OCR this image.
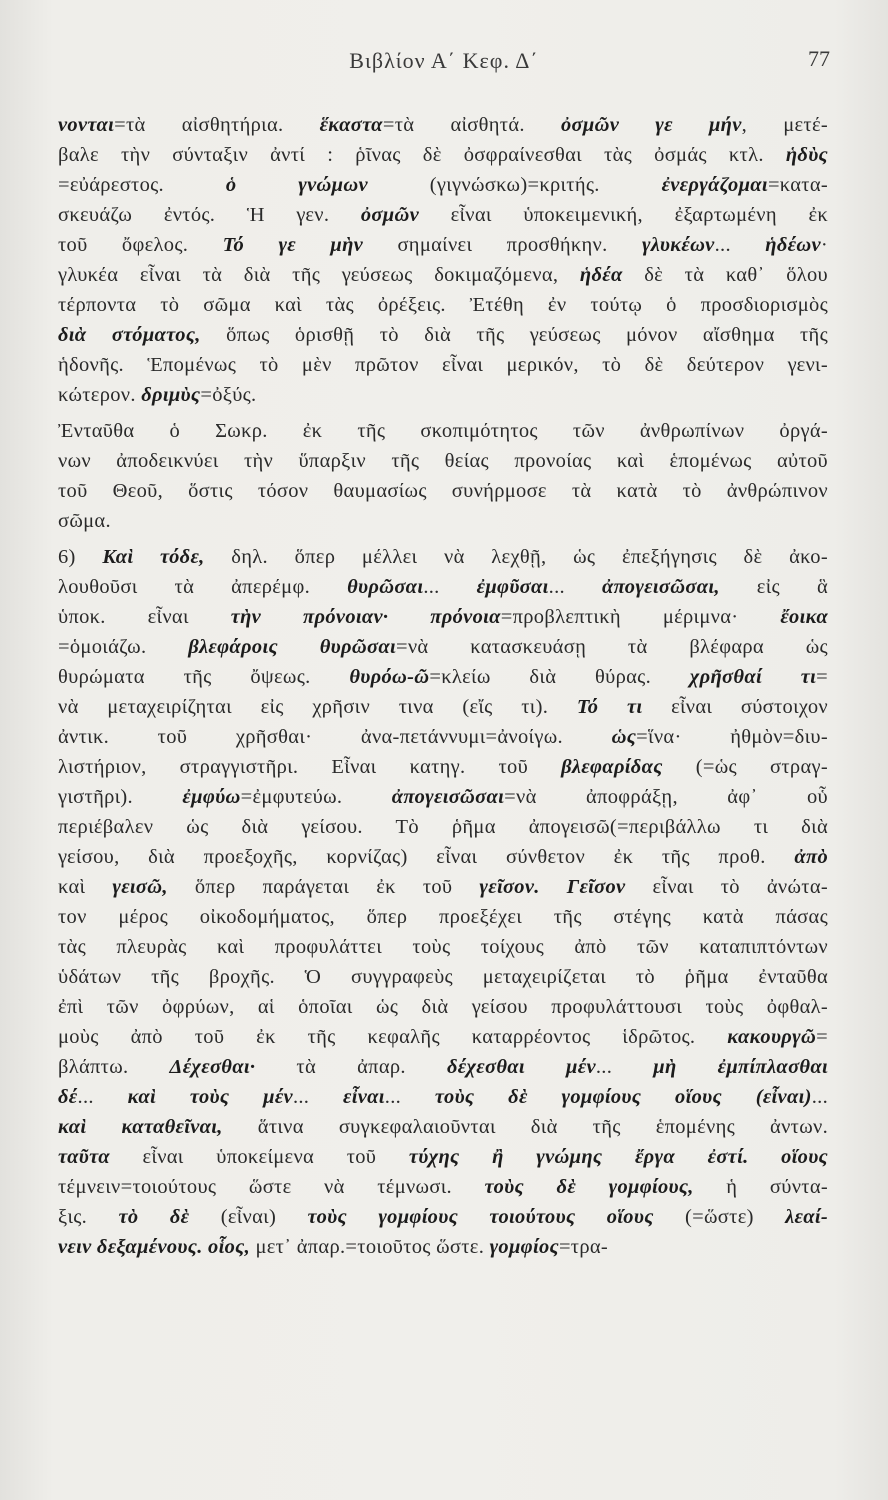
Βιβλίον Α΄ Κεφ. Δ΄	77
νονται=τὰ αἰσθητήρια. ἕκαστα=τὰ αἰσθητά. ὀσμῶν γε μήν, μετέ-
βαλε τὴν σύνταξιν ἀντί : ῥῖνας δὲ ὀσφραίνεσθαι τὰς ὀσμάς κτλ. ἡδὺς
=εὐάρεστος. ὁ γνώμων (γιγνώσκω)=κριτής. ἐνεργάζομαι=κατα-
σκευάζω ἐντός. Ἡ γεν. ὀσμῶν εἶναι ὑποκειμενική, ἐξαρτωμένη ἐκ
τοῦ ὄφελος. Τό γε μὴν σημαίνει προσθήκην. γλυκέων... ἡδέων·
γλυκέα εἶναι τὰ διὰ τῆς γεύσεως δοκιμαζόμενα, ἡδέα δὲ τὰ καθ᾽ ὅλου
τέρποντα τὸ σῶμα καὶ τὰς ὀρέξεις. Ἐτέθη ἐν τούτῳ ὁ προσδιορισμὸς
διὰ στόματος, ὅπως ὁρισθῇ τὸ διὰ τῆς γεύσεως μόνον αἴσθημα τῆς
ἡδονῆς. Ἑπομένως τὸ μὲν πρῶτον εἶναι μερικόν, τὸ δὲ δεύτερον γενι-
κώτερον. δριμὺς=ὀξύς.
Ἐνταῦθα ὁ Σωκρ. ἐκ τῆς σκοπιμότητος τῶν ἀνθρωπίνων ὀργά-
νων ἀποδεικνύει τὴν ὕπαρξιν τῆς θείας προνοίας καὶ ἑπομένως αὐτοῦ
τοῦ Θεοῦ, ὅστις τόσον θαυμασίως συνήρμοσε τὰ κατὰ τὸ ἀνθρώπινον
σῶμα.
6) Καὶ τόδε, δηλ. ὅπερ μέλλει νὰ λεχθῇ, ὡς ἐπεξήγησις δὲ ἀκο-
λουθοῦσι τὰ ἀπερέμφ. θυρῶσαι... ἐμφῦσαι... ἀπογεισῶσαι, εἰς ἃ
ὑποκ. εἶναι τὴν πρόνοιαν· πρόνοια=προβλεπτικὴ μέριμνα· ἔοικα
=ὁμοιάζω. βλεφάροις θυρῶσαι=νὰ κατασκευάσῃ τὰ βλέφαρα ὡς
θυρώματα τῆς ὄψεως. θυρόω-ῶ=κλείω διὰ θύρας. χρῆσθαί τι=
νὰ μεταχειρίζηται εἰς χρῆσιν τινα (εἴς τι). Τό τι εἶναι σύστοιχον
ἀντικ. τοῦ χρῆσθαι· ἀνα-πετάννυμι=ἀνοίγω. ὡς=ἵνα· ἠθμὸν=διυ-
λιστήριον, στραγγιστῆρι. Εἶναι κατηγ. τοῦ βλεφαρίδας (=ὡς στραγ-
γιστῆρι). ἐμφύω=ἐμφυτεύω. ἀπογεισῶσαι=νὰ ἀποφράξῃ, ἀφ᾽ οὗ
περιέβαλεν ὡς διὰ γείσου. Τὸ ῥῆμα ἀπογεισῶ(=περιβάλλω τι διὰ
γείσου, διὰ προεξοχῆς, κορνίζας) εἶναι σύνθετον ἐκ τῆς προθ. ἀπὸ
καὶ γεισῶ, ὅπερ παράγεται ἐκ τοῦ γεῖσον. Γεῖσον εἶναι τὸ ἀνώτα-
τον μέρος οἰκοδομήματος, ὅπερ προεξέχει τῆς στέγης κατὰ πάσας
τὰς πλευρὰς καὶ προφυλάττει τοὺς τοίχους ἀπὸ τῶν καταπιπτόντων
ὑδάτων τῆς βροχῆς. Ὁ συγγραφεὺς μεταχειρίζεται τὸ ῥῆμα ἐνταῦθα
ἐπὶ τῶν ὀφρύων, αἱ ὁποῖαι ὡς διὰ γείσου προφυλάττουσι τοὺς ὀφθαλ-
μοὺς ἀπὸ τοῦ ἐκ τῆς κεφαλῆς καταρρέοντος ἱδρῶτος. κακουργῶ=
βλάπτω. Δέχεσθαι· τὰ ἀπαρ. δέχεσθαι μέν... μὴ ἐμπίπλασθαι
δέ... καὶ τοὺς μέν... εἶναι... τοὺς δὲ γομφίους οἵους (εἶναι)...
καὶ καταθεῖναι, ἅτινα συγκεφαλαιοῦνται διὰ τῆς ἑπομένης ἀντων.
ταῦτα εἶναι ὑποκείμενα τοῦ τύχης ἢ γνώμης ἔργα ἐστί. οἵους
τέμνειν=τοιούτους ὥστε νὰ τέμνωσι. τοὺς δὲ γομφίους, ἡ σύντα-
ξις. τὸ δὲ (εἶναι) τοὺς γομφίους τοιούτους οἵους (=ὥστε) λεαί-
νειν δεξαμένους. οἷος, μετ᾽ ἀπαρ.=τοιοῦτος ὥστε. γομφίος=τρα-
